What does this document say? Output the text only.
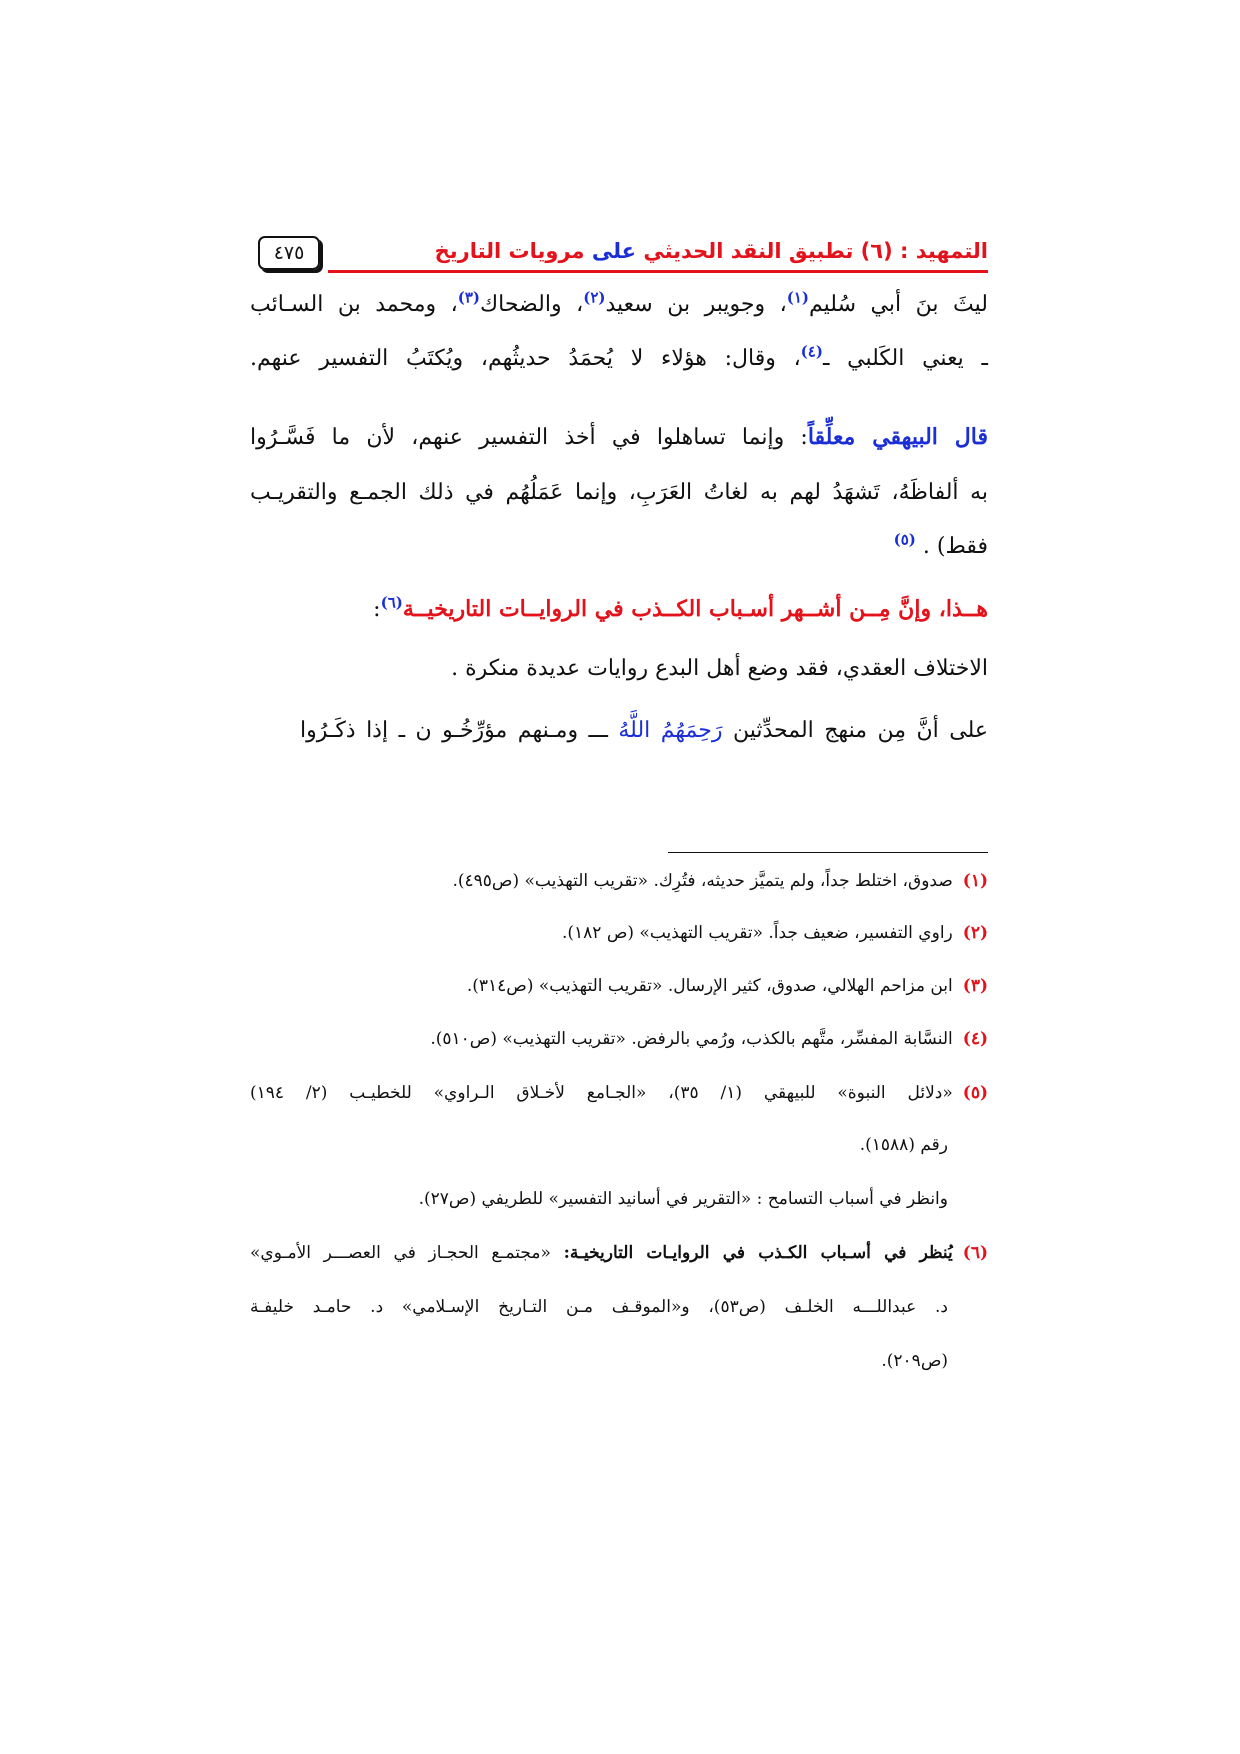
التمهيد : (٦) تطبيق النقد الحديثي على مرويات التاريخ
٤٧٥
ليثَ بنَ أبي سُليم$^{(١)}$، وجويبر بن سعيد$^{(٢)}$، والضحاك$^{(٣)}$، ومحمد بن السـائب
ـ يعني الكَلبي ـ$^{(٤)}$، وقال: هؤلاء لا يُحمَدُ حديثُهم، ويُكتَبُ التفسير عنهم.
قال البيهقي معلِّقاً: وإنما تساهلوا في أخذ التفسير عنهم، لأن ما فَسَّـرُوا
به ألفاظَهُ، تَشهَدُ لهم به لغاتُ العَرَبِ، وإنما عَمَلُهُم في ذلك الجمـع والتقريـب
فقط) . $^{(٥)}$
هــذا، وإنَّ مِــن أشــهر أسـباب الكــذب في الروايــات التاريخيــة$^{(٦)}$:
الاختلاف العقدي، فقد وضع أهل البدع روايات عديدة منكرة .
على أنَّ مِن منهج المحدِّثين رَحِمَهُمُ اللَّهُ ـــ ومـنهم مؤرِّخُـو ن ـ إذا ذكَـرُوا
(١)صدوق، اختلط جداً، ولم يتميَّز حديثه، فتُرِك. «تقريب التهذيب» (ص٤٩٥).
(٢)راوي التفسير، ضعيف جداً. «تقريب التهذيب» (ص ١٨٢).
(٣)ابن مزاحم الهلالي، صدوق، كثير الإرسال. «تقريب التهذيب» (ص٣١٤).
(٤)النسَّابة المفسِّر، متَّهم بالكذب، ورُمي بالرفض. «تقريب التهذيب» (ص٥١٠).
(٥)«دلائل النبوة» للبيهقي (١/ ٣٥)، «الجـامع لأخـلاق الـراوي» للخطيـب (٢/ ١٩٤)
رقم (١٥٨٨).
وانظر في أسباب التسامح : «التقرير في أسانيد التفسير» للطريفي (ص٢٧).
(٦)يُنظر في أسـباب الكـذب في الروايـات التاريخيـة: «مجتمـع الحجـاز في العصـــر الأمـوي»
د. عبداللـــه الخلـف (ص٥٣)، و«الموقـف مـن التـاريخ الإسـلامي» د. حامـد خليفـة
(ص٢٠٩).
